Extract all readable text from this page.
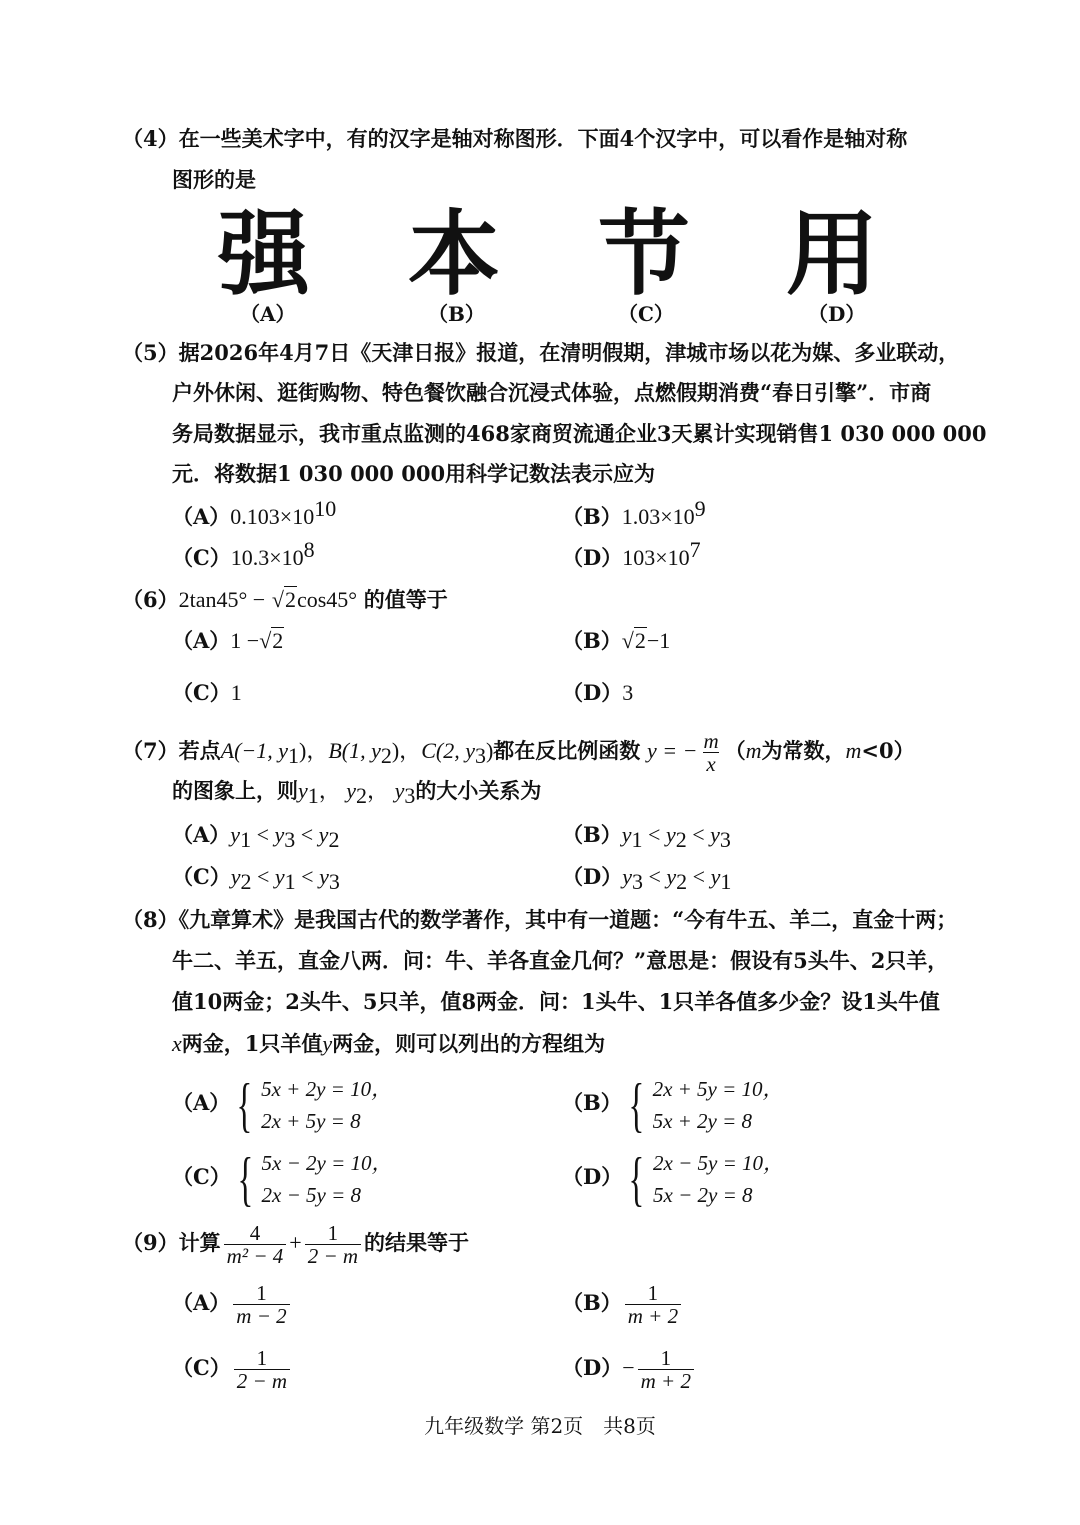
（4）在一些美术字中，有的汉字是轴对称图形．下面4个汉字中，可以看作是轴对称
图形的是
强 本 节 用
（A）	（B）	（C）	（D）
（5）据2026年4月7日《天津日报》报道，在清明假期，津城市场以花为媒、多业联动，
户外休闲、逛街购物、特色餐饮融合沉浸式体验，点燃假期消费“春日引擎”．市商
务局数据显示，我市重点监测的468家商贸流通企业3天累计实现销售1 030 000 000
元．将数据1 030 000 000用科学记数法表示应为
$(A)0.103\times 10^{10}$	$(B)1.03\times 10^9$
$(C)10.3\times 10^8$	$(D)103\times 10^7$
（6）2tan45° − √2cos45° 的值等于
（A）1 −√2	（B）√2−1
（C）1	（D）3
（7）若点A(−1, $y_1$)，B(1, $y_2$)，C(2, $y_3$)都在反比例函数 y = − $\frac{m}{x} (m$为常数，m<0）
的图象上，则$y_1$， $y_2$， $y_3$的大小关系为
$(A)y_1 < y_3 < y_2$	$(B)y_1 < y_2 < y_3$
$(C)y_2 < y_1 < y_3$	$(D)y_3 < y_2 < y_1$
（8）《九章算术》是我国古代的数学著作，其中有一道题：“今有牛五、羊二，直金十两；
牛二、羊五，直金八两．问：牛、羊各直金几何？”意思是：假设有5头牛、2只羊，
值10两金；2头牛、5只羊，值8两金．问：1头牛、1只羊各值多少金？设1头牛值
x两金，1只羊值y两金，则可以列出的方程组为
（A） { 5x + 2y = 10，
2x + 5y = 8
（B） { 2x + 5y = 10，
5x + 2y = 8
（C） { 5x − 2y = 10，
2x − 5y = 8
（D） { 2x − 5y = 10，
5x − 2y = 8
（9）计算 $\frac{4}{\text{m² − 4}} + \frac{1}{2 - m}$ 的结果等于
$(A) \frac{1}{m - 2}$	$(B) \frac{1}{m + 2}$
$(C) \frac{1}{2 - m}$	$(D)- \frac{1}{m + 2}$
九年级数学 第2页　共8页
